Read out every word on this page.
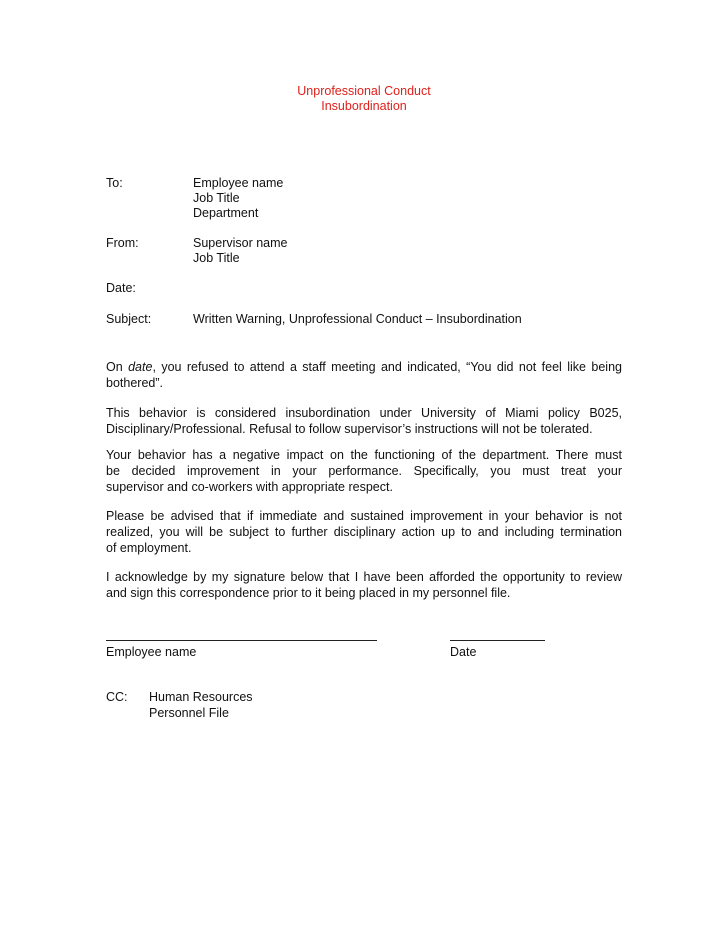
Unprofessional Conduct
Insubordination
To:	Employee name
Job Title
Department
From:	Supervisor name
Job Title
Date:
Subject:	Written Warning, Unprofessional Conduct – Insubordination
On date, you refused to attend a staff meeting and indicated, “You did not feel like being
bothered”.
This behavior is considered insubordination under University of Miami policy B025,
Disciplinary/Professional. Refusal to follow supervisor’s instructions will not be tolerated.
Your behavior has a negative impact on the functioning of the department. There must
be decided improvement in your performance. Specifically, you must treat your
supervisor and co-workers with appropriate respect.
Please be advised that if immediate and sustained improvement in your behavior is not
realized, you will be subject to further disciplinary action up to and including termination
of employment.
I acknowledge by my signature below that I have been afforded the opportunity to review
and sign this correspondence prior to it being placed in my personnel file.
Employee name	Date
CC: Human Resources
Personnel File
